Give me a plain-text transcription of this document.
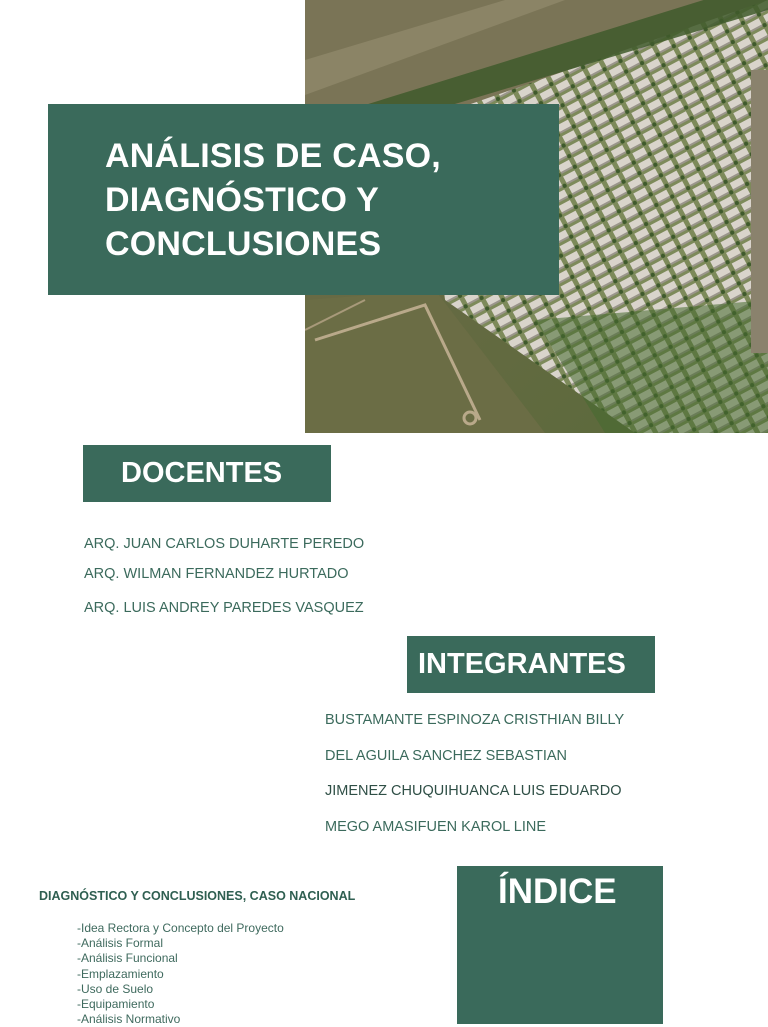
ANÁLISIS DE CASO,
DIAGNÓSTICO Y
CONCLUSIONES
DOCENTES
ARQ. JUAN CARLOS DUHARTE PEREDO
ARQ. WILMAN FERNANDEZ HURTADO
ARQ. LUIS ANDREY PAREDES VASQUEZ
INTEGRANTES
BUSTAMANTE ESPINOZA CRISTHIAN BILLY
DEL AGUILA SANCHEZ SEBASTIAN
JIMENEZ CHUQUIHUANCA LUIS EDUARDO
MEGO AMASIFUEN KAROL LINE
DIAGNÓSTICO Y CONCLUSIONES, CASO NACIONAL
-Idea Rectora y Concepto del Proyecto
-Análisis Formal
-Análisis Funcional
-Emplazamiento
-Uso de Suelo
-Equipamiento
-Análisis Normativo
ÍNDICE
